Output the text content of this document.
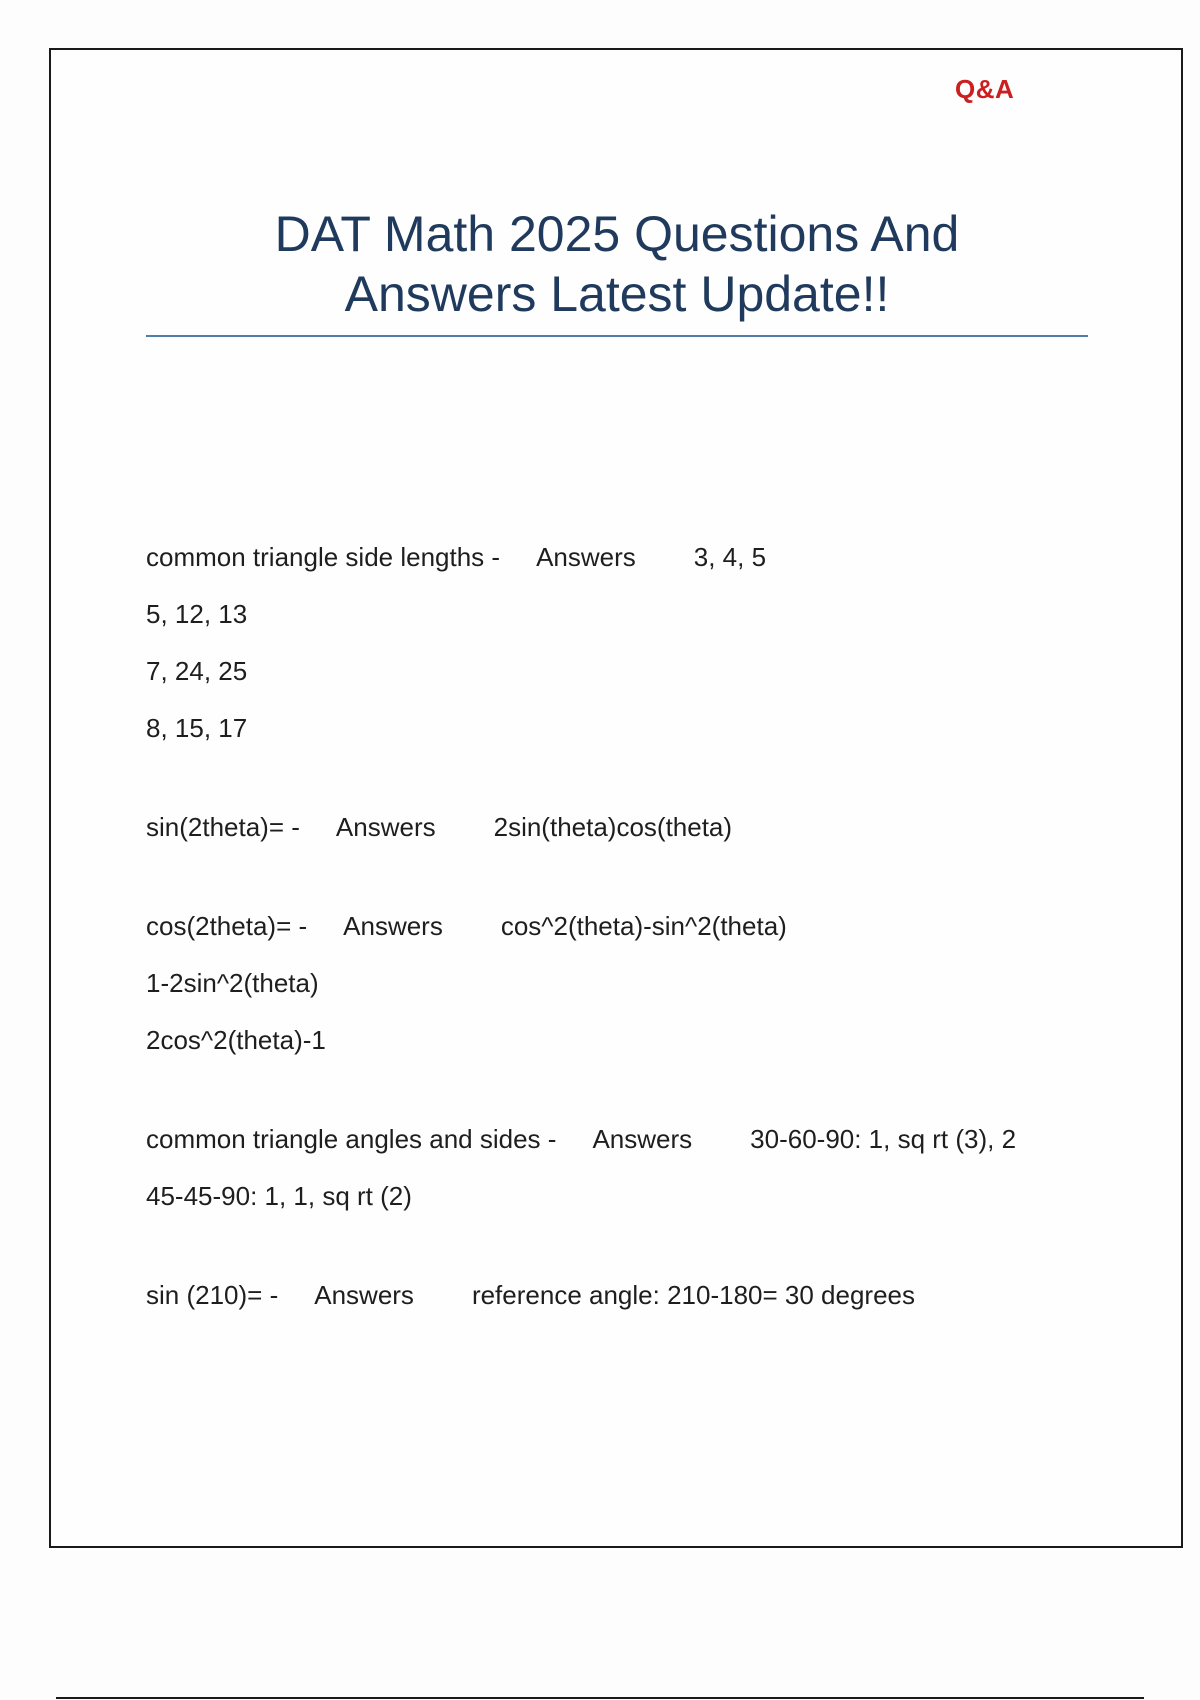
Q&A
DAT Math 2025 Questions And
Answers Latest Update!!

common triangle side lengths - Answers 3, 4, 5

5, 12, 13

7, 24, 25

8, 15, 17

sin(2theta)= - Answers 2sin(theta)cos(theta)

cos(2theta)= - Answers cos^2(theta)-sin^2(theta)

1-2sin^2(theta)

2cos^2(theta)-1

common triangle angles and sides - Answers 30-60-90: 1, sq rt (3), 2

45-45-90: 1, 1, sq rt (2)

sin (210)= - Answers reference angle: 210-180= 30 degrees
